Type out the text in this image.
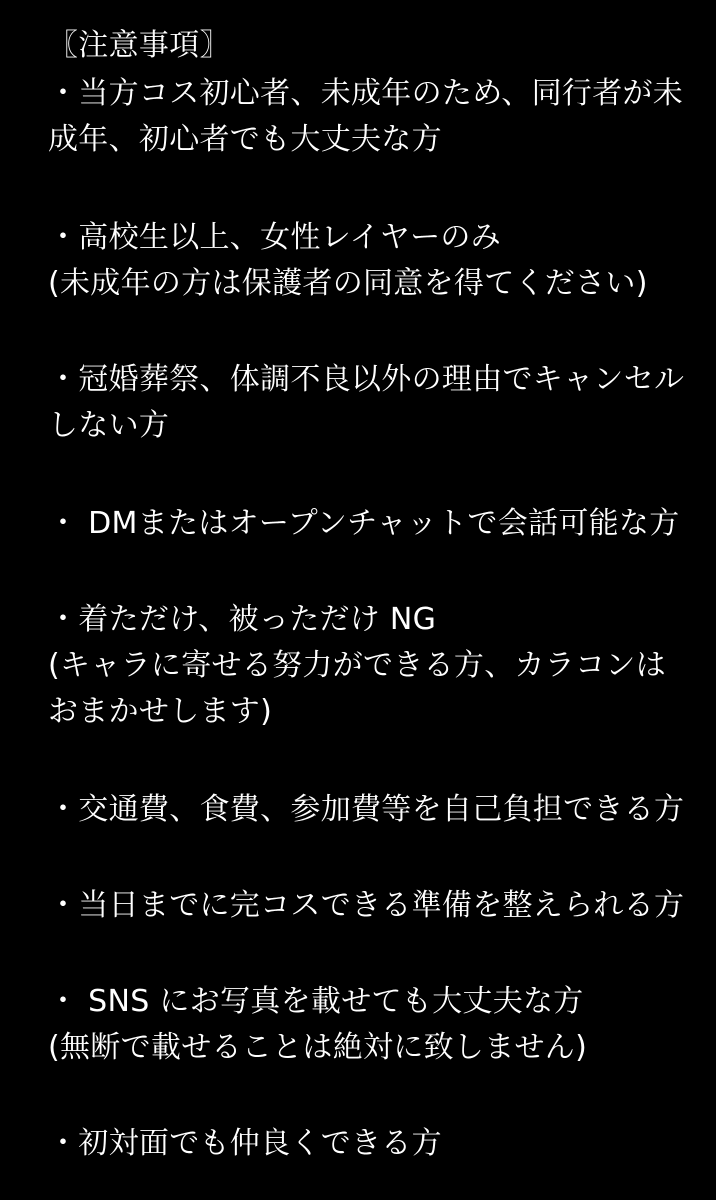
〖注意事項〗
・当方コス初心者、未成年のため、同行者が未
成年、初心者でも大丈夫な方
・高校生以上、女性レイヤーのみ
(未成年の方は保護者の同意を得てください)
・冠婚葬祭、体調不良以外の理由でキャンセル
しない方
・ DMまたはオープンチャットで会話可能な方
・着ただけ、被っただけ NG
(キャラに寄せる努力ができる方、カラコンは
おまかせします)
・交通費、食費、参加費等を自己負担できる方
・当日までに完コスできる準備を整えられる方
・ SNS にお写真を載せても大丈夫な方
(無断で載せることは絶対に致しません)
・初対面でも仲良くできる方
